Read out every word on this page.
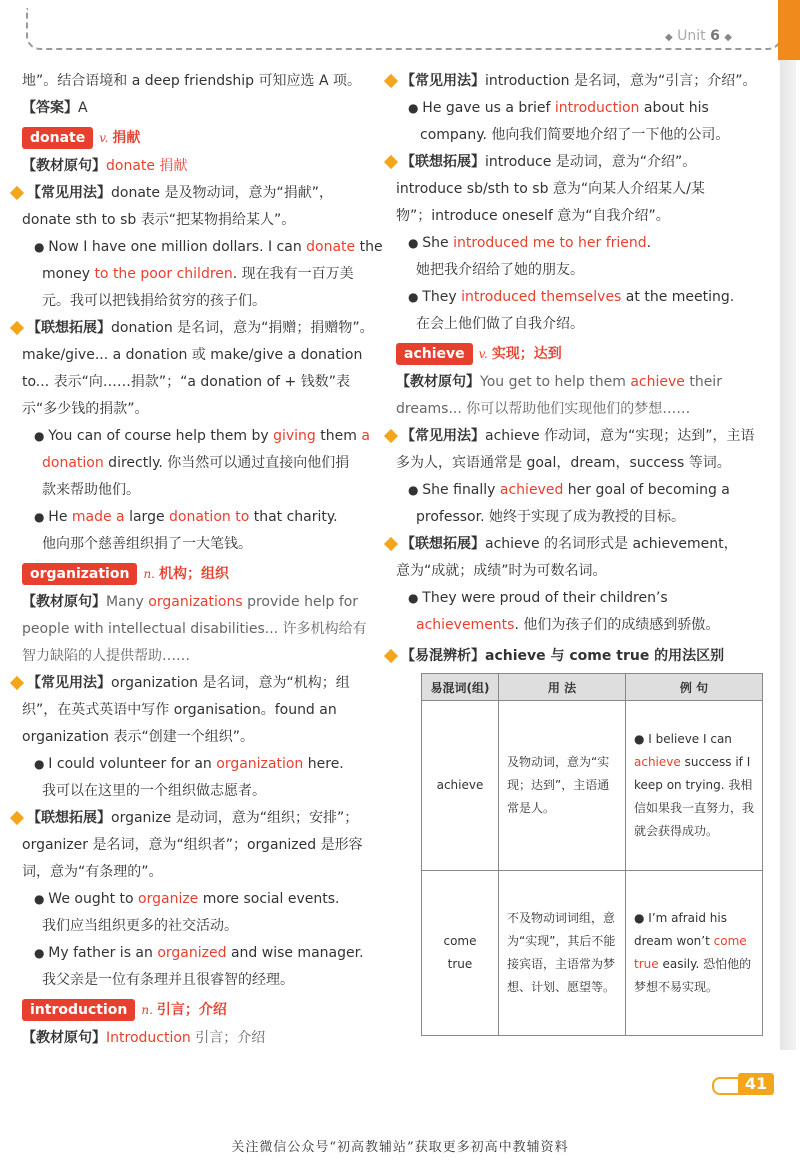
◆ Unit 6 ◆
地”。结合语境和 a deep friendship 可知应选 A 项。
【答案】A
donate v. 捐献
【教材原句】donate 捐献
【常见用法】donate 是及物动词，意为“捐献”，
donate sth to sb 表示“把某物捐给某人”。
● Now I have one million dollars. I can donate the
money to the poor children. 现在我有一百万美
元。我可以把钱捐给贫穷的孩子们。
【联想拓展】donation 是名词，意为“捐赠；捐赠物”。
make/give... a donation 或 make/give a donation
to... 表示“向……捐款”；“a donation of + 钱数”表
示“多少钱的捐款”。
● You can of course help them by giving them a
donation directly. 你当然可以通过直接向他们捐
款来帮助他们。
● He made a large donation to that charity.
他向那个慈善组织捐了一大笔钱。
organization n. 机构；组织
【教材原句】Many organizations provide help for
people with intellectual disabilities... 许多机构给有
智力缺陷的人提供帮助……
【常见用法】organization 是名词，意为“机构；组
织”，在英式英语中写作 organisation。found an
organization 表示“创建一个组织”。
● I could volunteer for an organization here.
我可以在这里的一个组织做志愿者。
【联想拓展】organize 是动词，意为“组织；安排”；
organizer 是名词，意为“组织者”；organized 是形容
词，意为“有条理的”。
● We ought to organize more social events.
我们应当组织更多的社交活动。
● My father is an organized and wise manager.
我父亲是一位有条理并且很睿智的经理。
introduction n. 引言；介绍
【教材原句】Introduction 引言；介绍
【常见用法】introduction 是名词，意为“引言；介绍”。
● He gave us a brief introduction about his
company. 他向我们简要地介绍了一下他的公司。
【联想拓展】introduce 是动词，意为“介绍”。
introduce sb/sth to sb 意为“向某人介绍某人/某
物”；introduce oneself 意为“自我介绍”。
● She introduced me to her friend.
她把我介绍给了她的朋友。
● They introduced themselves at the meeting.
在会上他们做了自我介绍。
achieve v. 实现；达到
【教材原句】You get to help them achieve their
dreams... 你可以帮助他们实现他们的梦想……
【常见用法】achieve 作动词，意为“实现；达到”，主语
多为人，宾语通常是 goal，dream，success 等词。
● She finally achieved her goal of becoming a
professor. 她终于实现了成为教授的目标。
【联想拓展】achieve 的名词形式是 achievement，
意为“成就；成绩”时为可数名词。
● They were proud of their children’s
achievements. 他们为孩子们的成绩感到骄傲。
【易混辨析】achieve 与 come true 的用法区别
易混词(组)	用 法	例 句
achieve	及物动词，意为“实现；达到”，主语通常是人。	● I believe I can achieve success if I keep on trying. 我相信如果我一直努力，我就会获得成功。
come true	不及物动词词组，意为“实现”，其后不能接宾语，主语常为梦想、计划、愿望等。	● I’m afraid his dream won’t come true easily. 恐怕他的梦想不易实现。
41
关注微信公众号“初高教辅站”获取更多初高中教辅资料
